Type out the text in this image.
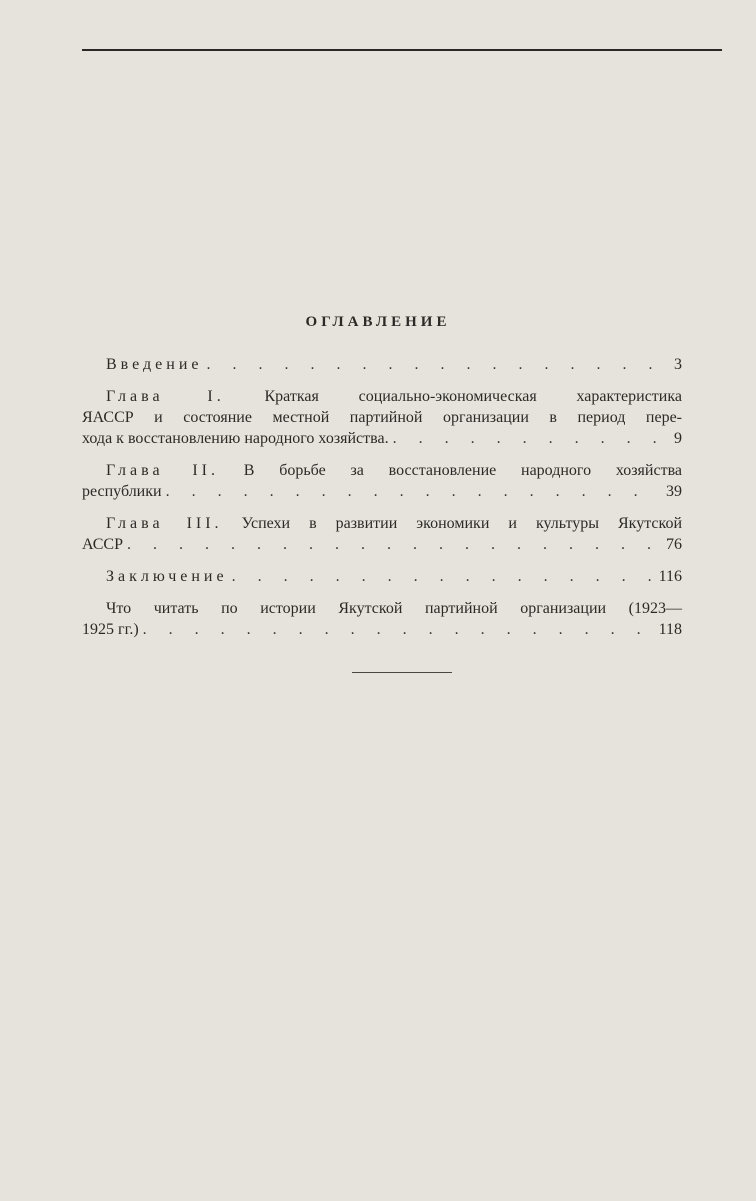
ОГЛАВЛЕНИЕ
Введение . . .	3
Глава I. Краткая социально-экономическая характеристика
ЯАССР и состояние местной партийной организации в период пере-
хода к восстановлению народного хозяйства. . . .	9
Глава II. В борьбе за восстановление народного хозяйства
республики . . .	39
Глава III. Успехи в развитии экономики и культуры Якутской
АССР . . .	76
Заключение . . .	116
Что читать по истории Якутской партийной организации (1923—
1925 гг.) . . .	118
